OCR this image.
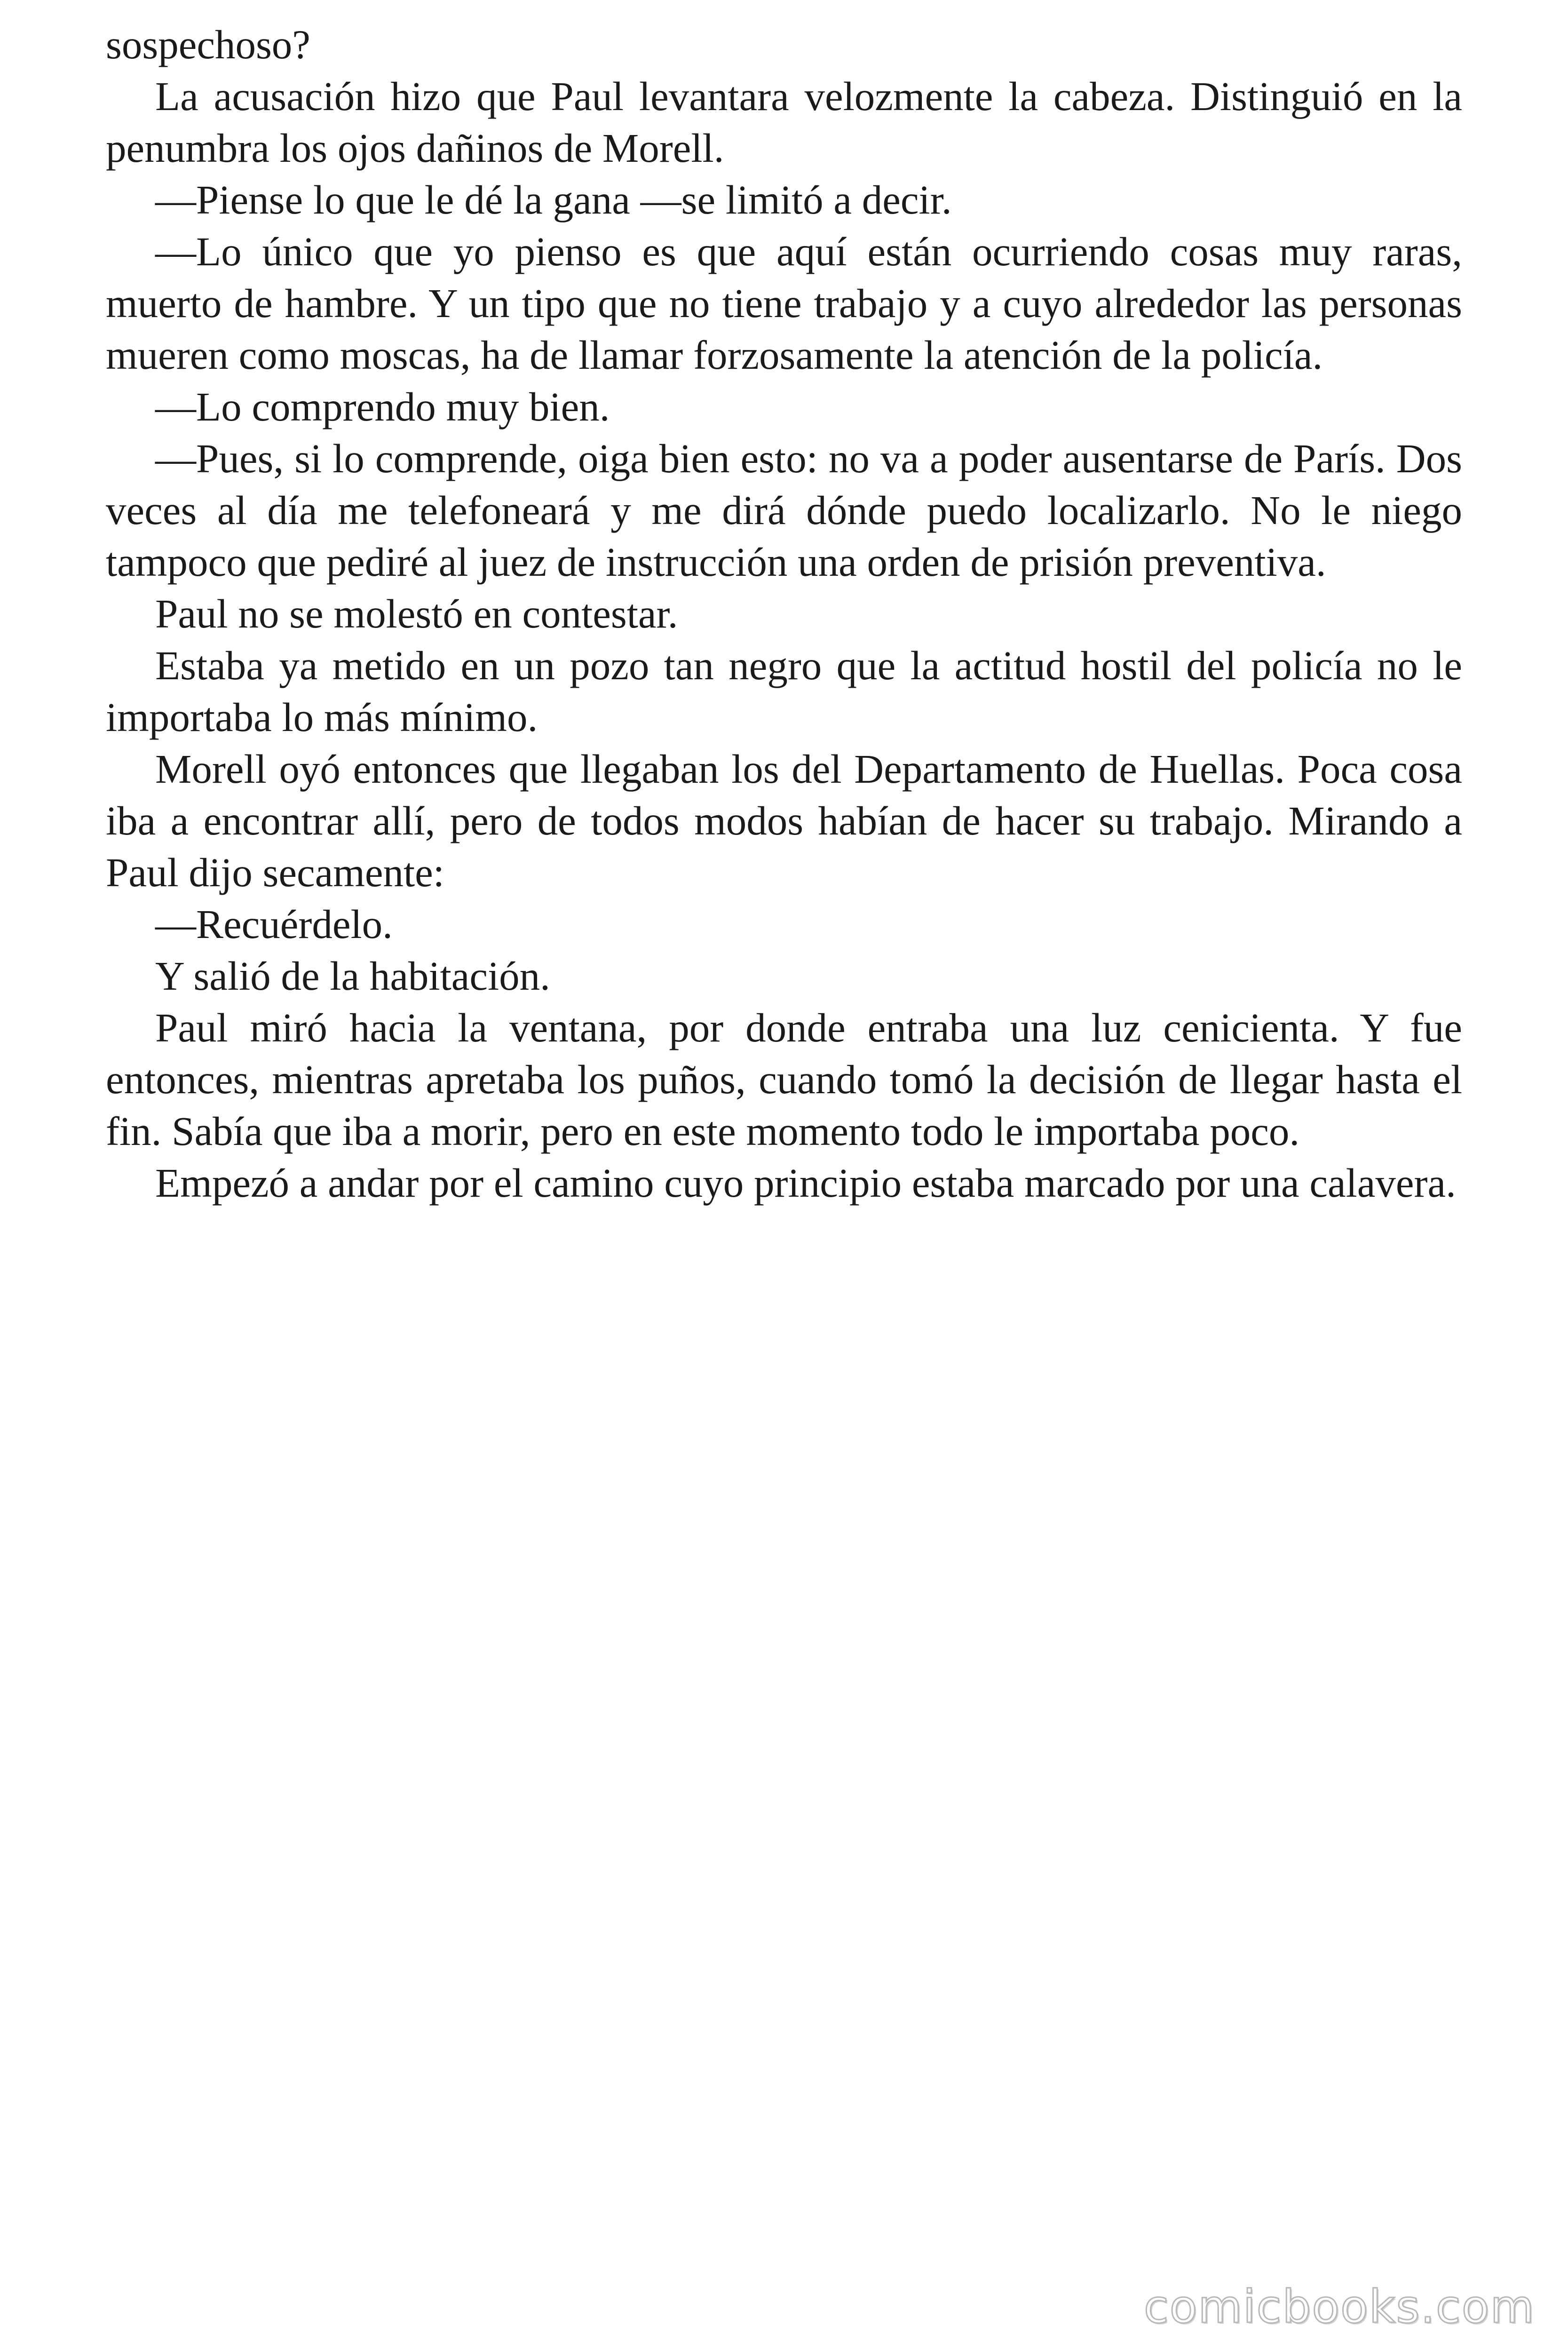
sospechoso?

La acusación hizo que Paul levantara velozmente la cabeza. Distinguió en la penumbra los ojos dañinos de Morell.

—Piense lo que le dé la gana —se limitó a decir.

—Lo único que yo pienso es que aquí están ocurriendo cosas muy raras, muerto de hambre. Y un tipo que no tiene trabajo y a cuyo alrededor las personas mueren como moscas, ha de llamar forzosamente la atención de la policía.

—Lo comprendo muy bien.

—Pues, si lo comprende, oiga bien esto: no va a poder ausentarse de París. Dos veces al día me telefoneará y me dirá dónde puedo localizarlo. No le niego tampoco que pediré al juez de instrucción una orden de prisión preventiva.

Paul no se molestó en contestar.

Estaba ya metido en un pozo tan negro que la actitud hostil del policía no le importaba lo más mínimo.

Morell oyó entonces que llegaban los del Departamento de Huellas. Poca cosa iba a encontrar allí, pero de todos modos habían de hacer su trabajo. Mirando a Paul dijo secamente:

—Recuérdelo.

Y salió de la habitación.

Paul miró hacia la ventana, por donde entraba una luz cenicienta. Y fue entonces, mientras apretaba los puños, cuando tomó la decisión de llegar hasta el fin. Sabía que iba a morir, pero en este momento todo le importaba poco.

Empezó a andar por el camino cuyo principio estaba marcado por una calavera.

comicbooks.com
